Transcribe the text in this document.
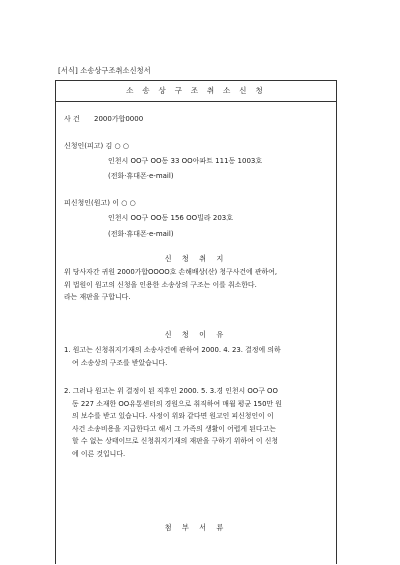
[서식] 소송상구조취소신청서
소 송 상 구 조 취 소 신 청
사 건 2000가합0000
신청인(피고) 김 ○ ○
인천시 OO구 OO동 33 OO아파트 111동 1003호
(전화·휴대폰·e-mail)
피신청인(원고) 이 ○ ○
인천시 OO구 OO동 156 OO빌라 203호
(전화·휴대폰·e-mail)
신 청 취 지

위 당사자간 귀원 2000가합OOOO호 손해배상(산) 청구사건에 관하여,

위 법원이 원고의 신청을 인용한 소송상의 구조는 이를 취소한다.

라는 재판을 구합니다.

신 청 이 유

1. 원고는 신청취지기재의 소송사건에 관하여 2000. 4. 23. 결정에 의하

여 소송상의 구조를 받았습니다.

2. 그러나 원고는 위 결정이 된 직후인 2000. 5. 3.경 인천시 OO구 OO

동 227 소재한 OO유통센터의 경원으로 취직하여 매월 평균 150만 원

의 보수를 받고 있습니다. 사정이 위와 같다면 원고인 피신청인이 이

사건 소송비용을 지급한다고 해서 그 가족의 생활이 어렵게 된다고는

할 수 없는 상태이므로 신청취지기재의 재판을 구하기 위하여 이 신청

에 이른 것입니다.

첨 부 서 류
